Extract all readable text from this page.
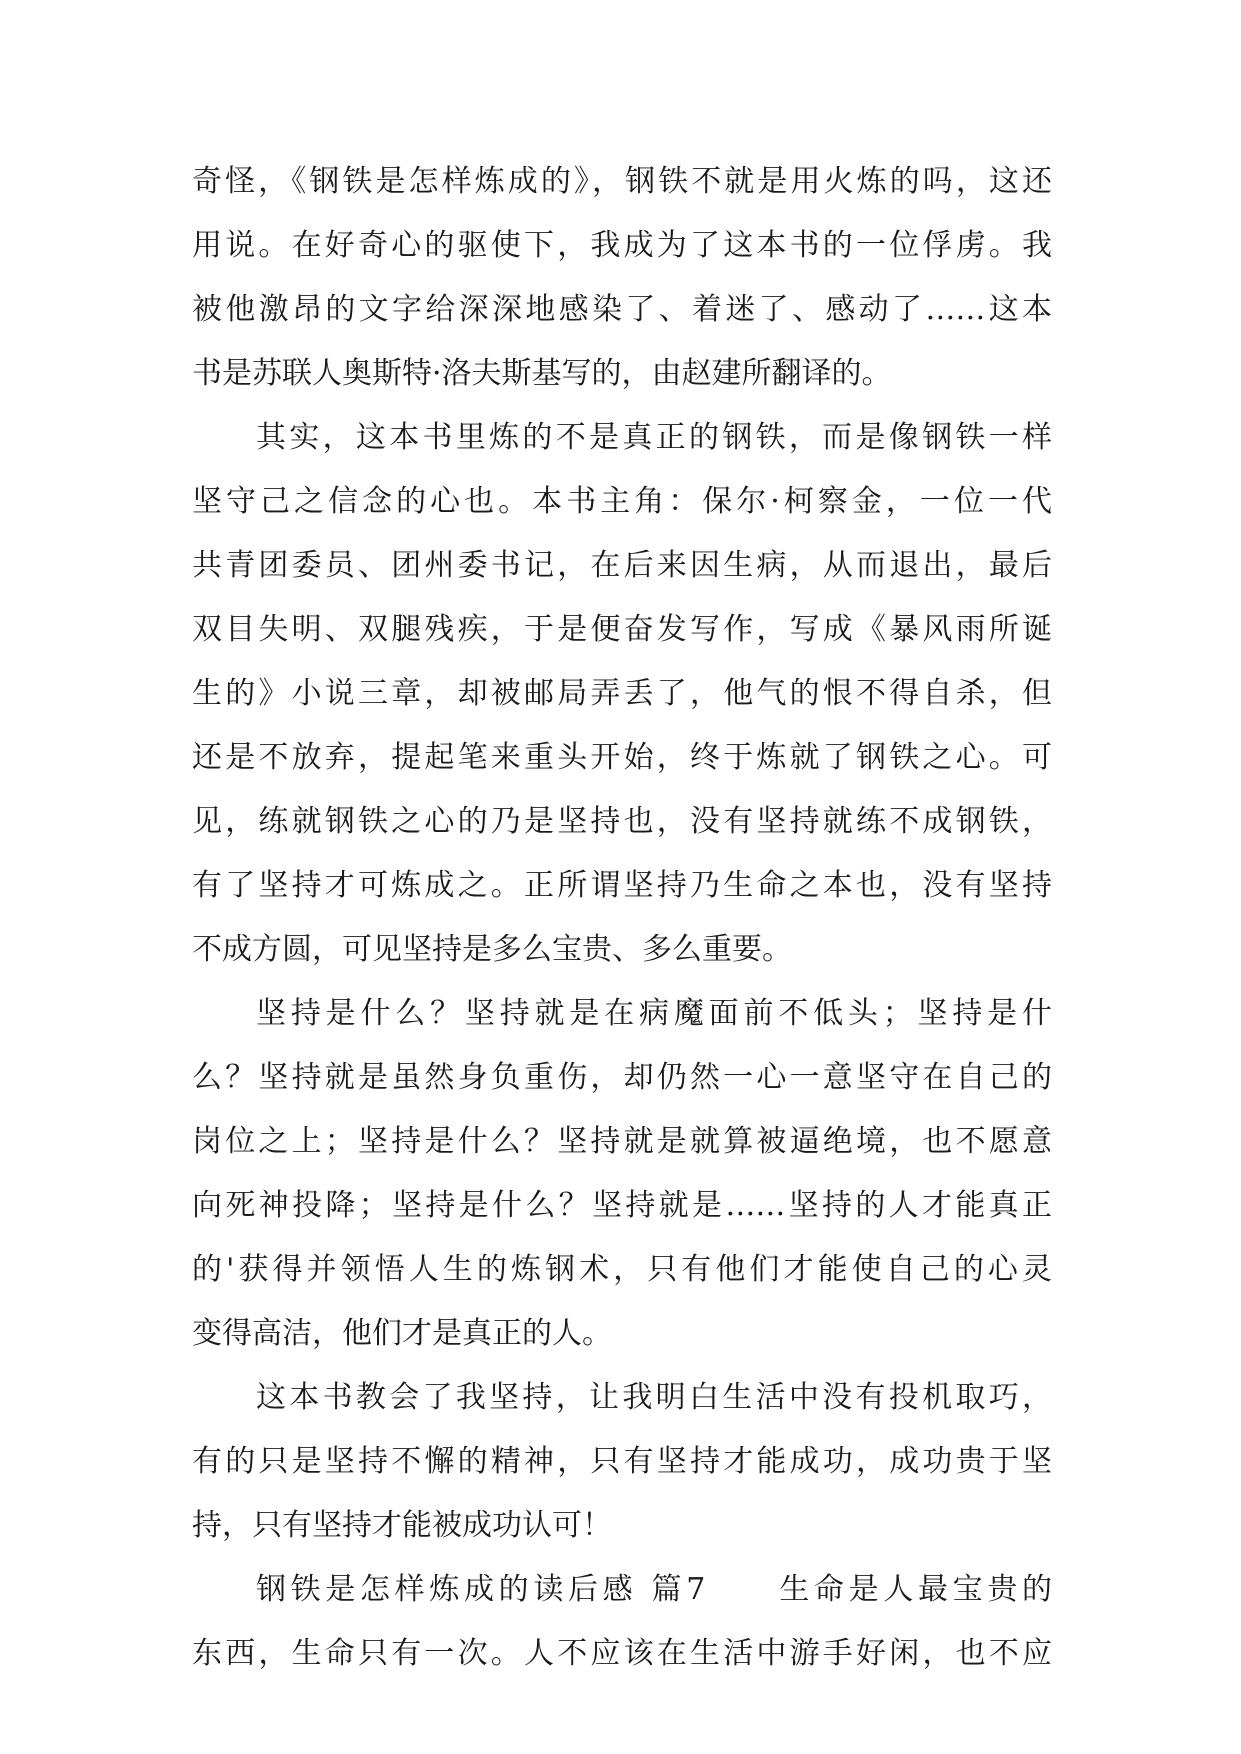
奇怪，《钢铁是怎样炼成的》，钢铁不就是用火炼的吗，这还
用说。在好奇心的驱使下，我成为了这本书的一位俘虏。我
被他激昂的文字给深深地感染了、着迷了、感动了……这本
书是苏联人奥斯特·洛夫斯基写的，由赵建所翻译的。
其实，这本书里炼的不是真正的钢铁，而是像钢铁一样
坚守己之信念的心也。本书主角：保尔·柯察金，一位一代
共青团委员、团州委书记，在后来因生病，从而退出，最后
双目失明、双腿残疾，于是便奋发写作，写成《暴风雨所诞
生的》小说三章，却被邮局弄丢了，他气的恨不得自杀，但
还是不放弃，提起笔来重头开始，终于炼就了钢铁之心。可
见，练就钢铁之心的乃是坚持也，没有坚持就练不成钢铁，
有了坚持才可炼成之。正所谓坚持乃生命之本也，没有坚持
不成方圆，可见坚持是多么宝贵、多么重要。
坚持是什么？坚持就是在病魔面前不低头；坚持是什
么？坚持就是虽然身负重伤，却仍然一心一意坚守在自己的
岗位之上；坚持是什么？坚持就是就算被逼绝境，也不愿意
向死神投降；坚持是什么？坚持就是……坚持的人才能真正
的'获得并领悟人生的炼钢术，只有他们才能使自己的心灵
变得高洁，他们才是真正的人。
这本书教会了我坚持，让我明白生活中没有投机取巧，
有的只是坚持不懈的精神，只有坚持才能成功，成功贵于坚
持，只有坚持才能被成功认可！
钢铁是怎样炼成的读后感 篇7　　生命是人最宝贵的
东西，生命只有一次。人不应该在生活中游手好闲，也不应
